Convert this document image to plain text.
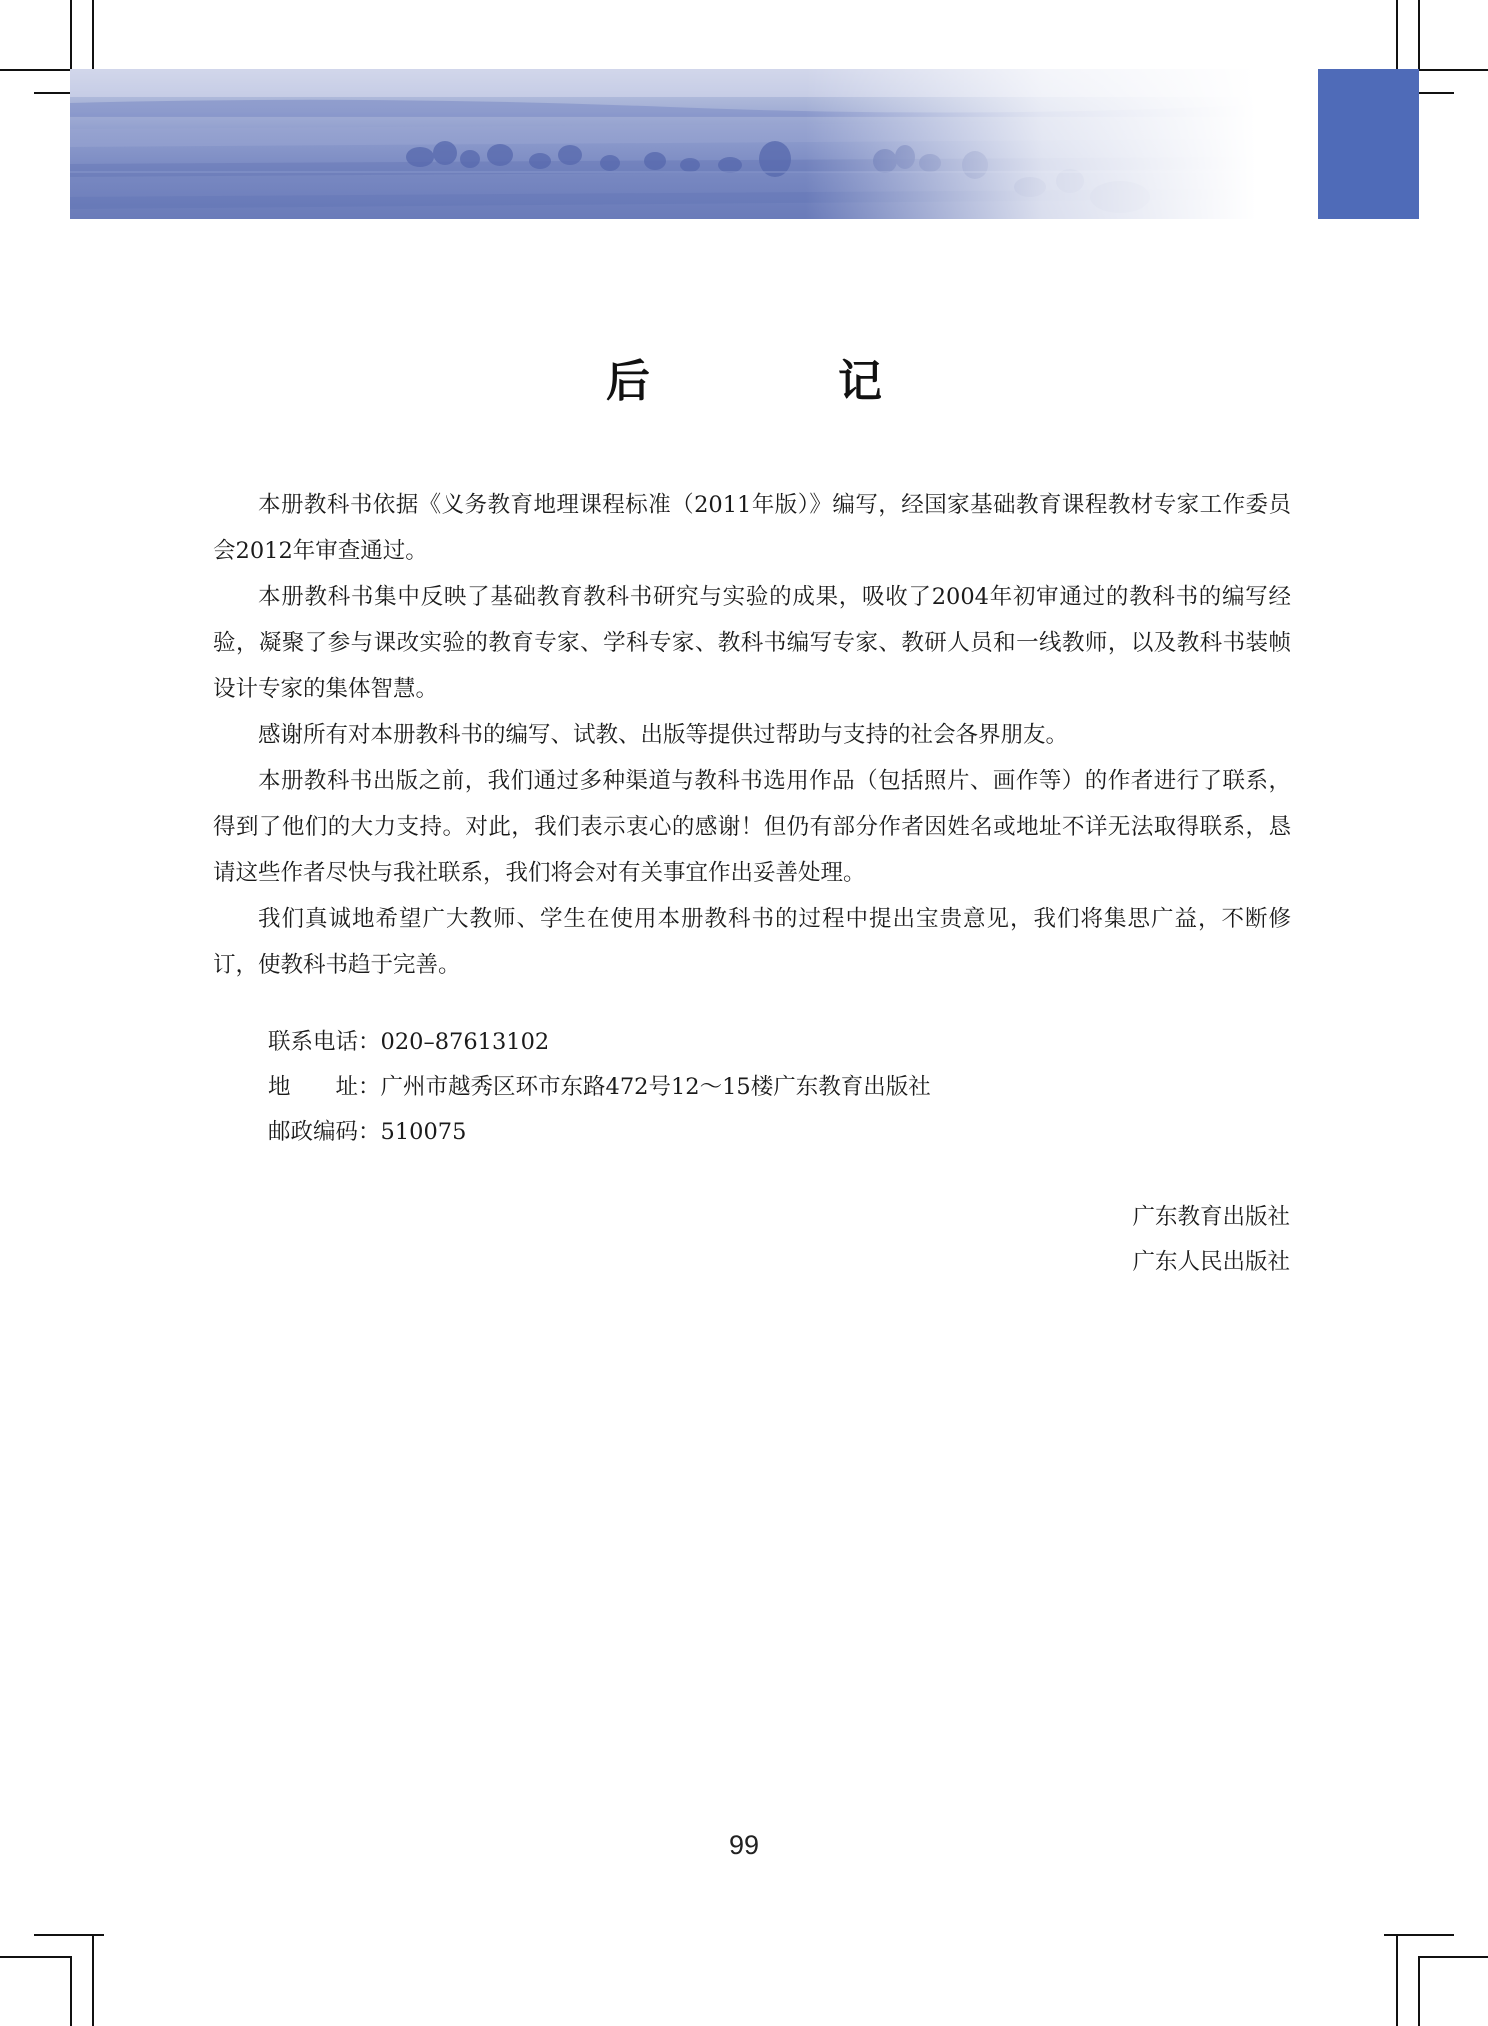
后　记

本册教科书依据《义务教育地理课程标准（2011年版）》编写，经国家基础教育课程教材专家工作委员会2012年审查通过。

本册教科书集中反映了基础教育教科书研究与实验的成果，吸收了2004年初审通过的教科书的编写经验，凝聚了参与课改实验的教育专家、学科专家、教科书编写专家、教研人员和一线教师，以及教科书装帧设计专家的集体智慧。

感谢所有对本册教科书的编写、试教、出版等提供过帮助与支持的社会各界朋友。

本册教科书出版之前，我们通过多种渠道与教科书选用作品（包括照片、画作等）的作者进行了联系，得到了他们的大力支持。对此，我们表示衷心的感谢！但仍有部分作者因姓名或地址不详无法取得联系，恳请这些作者尽快与我社联系，我们将会对有关事宜作出妥善处理。

我们真诚地希望广大教师、学生在使用本册教科书的过程中提出宝贵意见，我们将集思广益，不断修订，使教科书趋于完善。

联系电话：020–87613102
地　　址：广州市越秀区环市东路472号12～15楼广东教育出版社
邮政编码：510075
广东教育出版社
广东人民出版社
99
